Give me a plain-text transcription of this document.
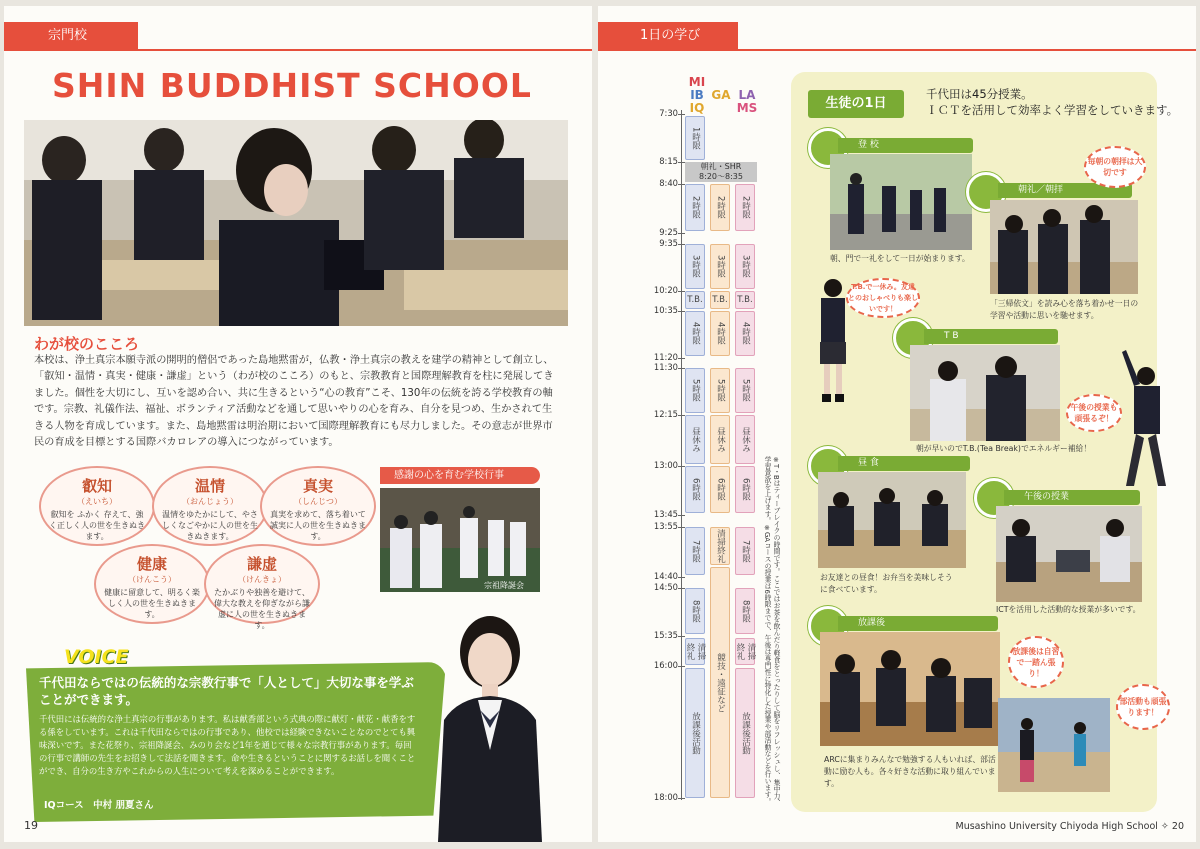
宗門校
SHIN BUDDHIST SCHOOL
わが校のこころ

本校は、浄土真宗本願寺派の開明的僧侶であった島地黙雷が，仏教・浄土真宗の教えを建学の精神として創立し、「叡知・温情・真実・健康・謙虚」という（わが校のこころ）のもと、宗教教育と国際理解教育を柱に発展してきました。個性を大切にし、互いを認め合い、共に生きるという“心の教育”こそ、130年の伝統を誇る学校教育の軸です。宗教、礼儀作法、福祉、ボランティア活動などを通して思いやりの心を育み、自分を見つめ、生かされて生きる人物を育成しています。また、島地黙雷は明治期において国際理解教育にも尽力しました。その意志が世界市民の育成を目標とする国際バカロレアの導入につながっています。

叡知
（えいち）
叡知を ふかく 存えて、強く正しく人の世を生きぬきます。
温情
（おんじょう）
温情をゆたかにして、やさしくなごやかに人の世を生きぬきます。
真実
（しんじつ）
真実を求めて、落ち着いて誠実に人の世を生きぬきます。
健康
（けんこう）
健康に留意して、明るく楽しく人の世を生きぬきます。
謙虚
（けんきょ）
たかぶりや独善を避けて、偉大な教えを仰ぎながら謙虚に人の世を生きぬきます。
感謝の心を育む学校行事
宗祖降誕会
VOICE
千代田ならではの伝統的な宗教行事で「人として」大切な事を学ぶことができます。
千代田には伝統的な浄土真宗の行事があります。私は献香部という式典の際に献灯・献花・献香をする係をしています。これは千代田ならではの行事であり、他校では経験できないことなのでとても興味深いです。また花祭り、宗祖降誕会、みのり会など1年を通じて様々な宗教行事があります。毎回の行事で講師の先生をお招きして法話を聞きます。命や生きるということに関するお話しを聞くことができ、自分の生き方やこれからの人生について考えを深めることができます。
IQコース　中村 朋夏さん
19
1日の学び
MI
IB
IQ
GA LA
MS
朝礼・SHR
8:20～8:35
※T・Bはティーブレイクの時間です。ここではお茶を飲んだり軽食をとったりして脳をリフレッシュし、集中力、学習意欲を上げます。※GAコースの授業は6時限までで、午後は専門性に特化した授業や部活動などを行います。
生徒の1日
千代田は45分授業。
ＩＣＴを活用して効率よく学習をしていきます。
登 校
朝、門で一礼をして一日が始まります。
朝礼／朝拝
「三帰依文」を読み心を落ち着かせ一日の学習や活動に思いを馳せます。
毎朝の朝拝は大切です
T.B.で一休み。友達とのおしゃべりも楽しいです！
T B
朝が早いのでT.B.(Tea Break)でエネルギー補給！
午後の授業も頑張るぞ！
昼 食
お友達との昼食！お弁当を美味しそうに食べています。
午後の授業
ICTを活用した活動的な授業が多いです。
放課後
ARCに集まりみんなで勉強する人もいれば、部活動に励む人も。各々好きな活動に取り組んでいます。
放課後は自習で一踏ん張り！
部活動も頑張ります！
Musashino University Chiyoda High School ✧ 20
7:30
8:15
8:40
9:25
9:35
10:20
10:35
11:20
11:30
12:15
13:00
13:45
13:55
14:40
14:50
15:35
16:00
18:00
1時限
2時限
3時限
T.B.
4時限
5時限
昼休み
6時限
7時限
8時限
2時限
3時限
T.B.
4時限
5時限
昼休み
6時限
2時限
3時限
T.B.
4時限
5時限
昼休み
6時限
7時限
8時限
清掃終礼
放課後活動
清掃終礼
放課後活動
清掃終礼
競技・遠征など
